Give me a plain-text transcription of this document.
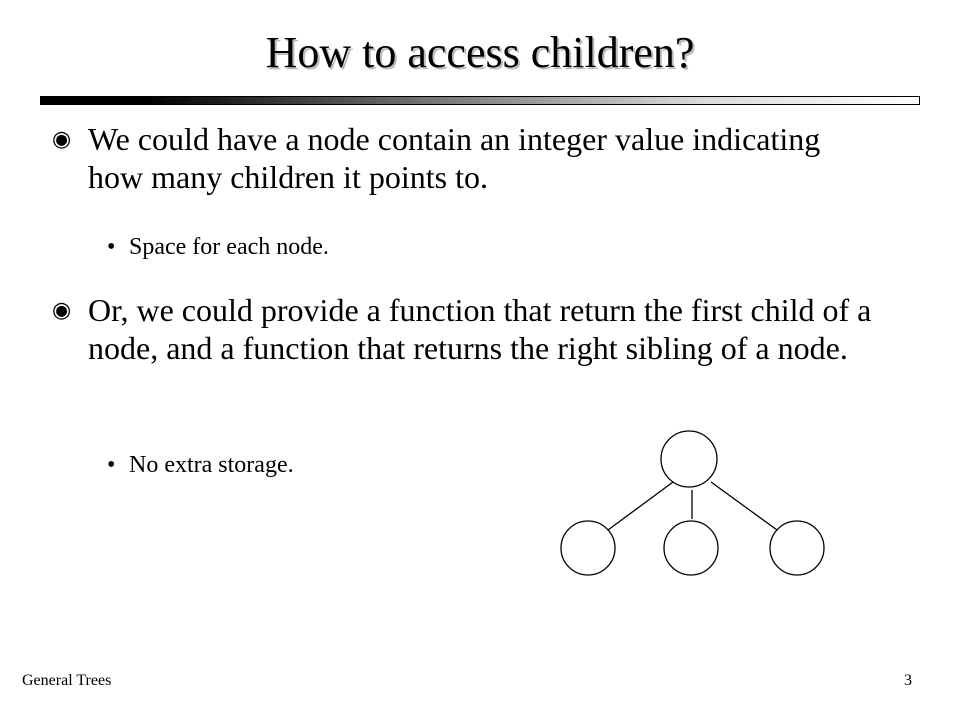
How to access children?
◉ We could have a node contain an integer value indicating how many children it points to.
• Space for each node.
◉ Or, we could provide a function that return the first child of a node, and a function that returns the right sibling of a node.
• No extra storage.
General Trees	3
